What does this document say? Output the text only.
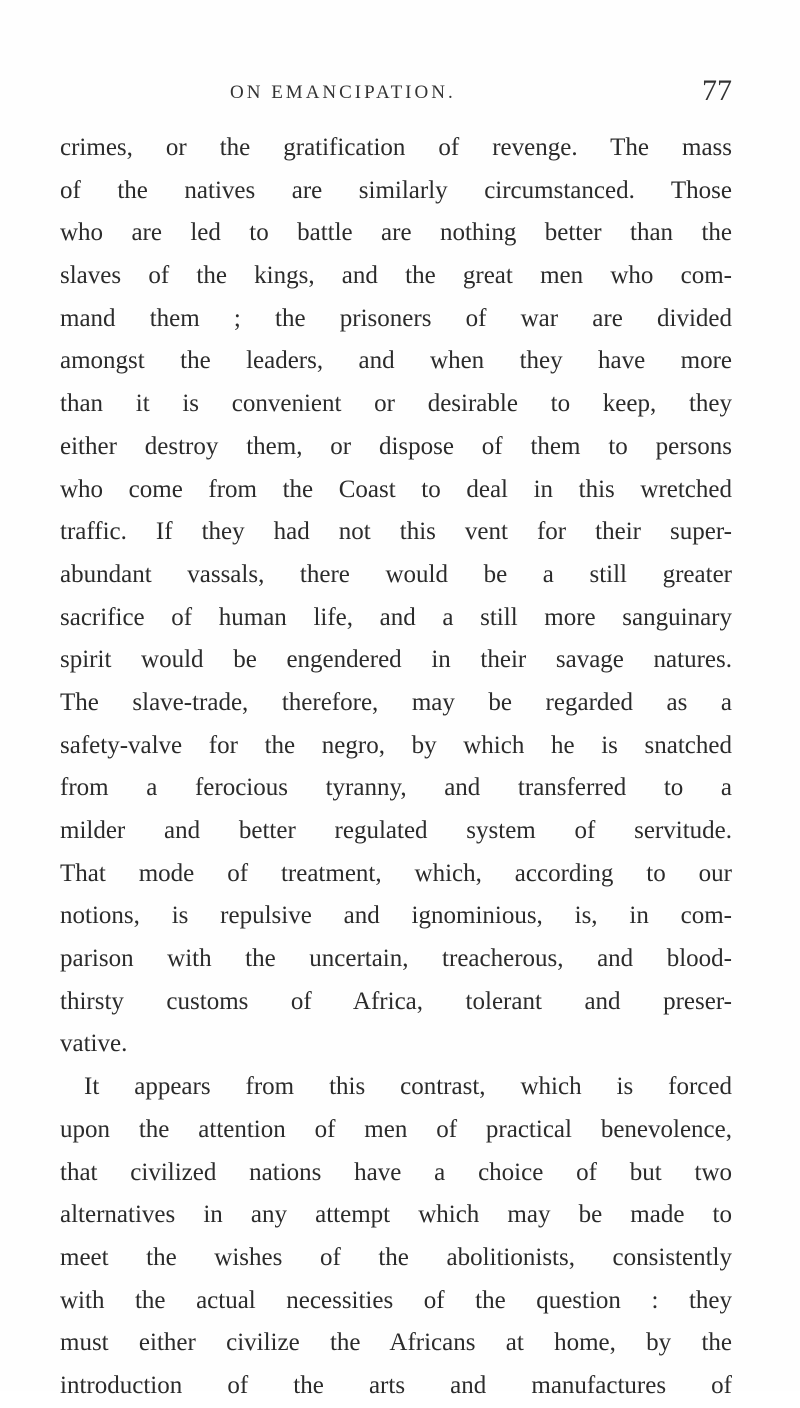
ON EMANCIPATION.	77
crimes, or the gratification of revenge. The mass
of the natives are similarly circumstanced. Those
who are led to battle are nothing better than the
slaves of the kings, and the great men who com-
mand them ; the prisoners of war are divided
amongst the leaders, and when they have more
than it is convenient or desirable to keep, they
either destroy them, or dispose of them to persons
who come from the Coast to deal in this wretched
traffic. If they had not this vent for their super-
abundant vassals, there would be a still greater
sacrifice of human life, and a still more sanguinary
spirit would be engendered in their savage natures.
The slave-trade, therefore, may be regarded as a
safety-valve for the negro, by which he is snatched
from a ferocious tyranny, and transferred to a
milder and better regulated system of servitude.
That mode of treatment, which, according to our
notions, is repulsive and ignominious, is, in com-
parison with the uncertain, treacherous, and blood-
thirsty customs of Africa, tolerant and preser-
vative.
It appears from this contrast, which is forced
upon the attention of men of practical benevolence,
that civilized nations have a choice of but two
alternatives in any attempt which may be made to
meet the wishes of the abolitionists, consistently
with the actual necessities of the question : they
must either civilize the Africans at home, by the
introduction of the arts and manufactures of
